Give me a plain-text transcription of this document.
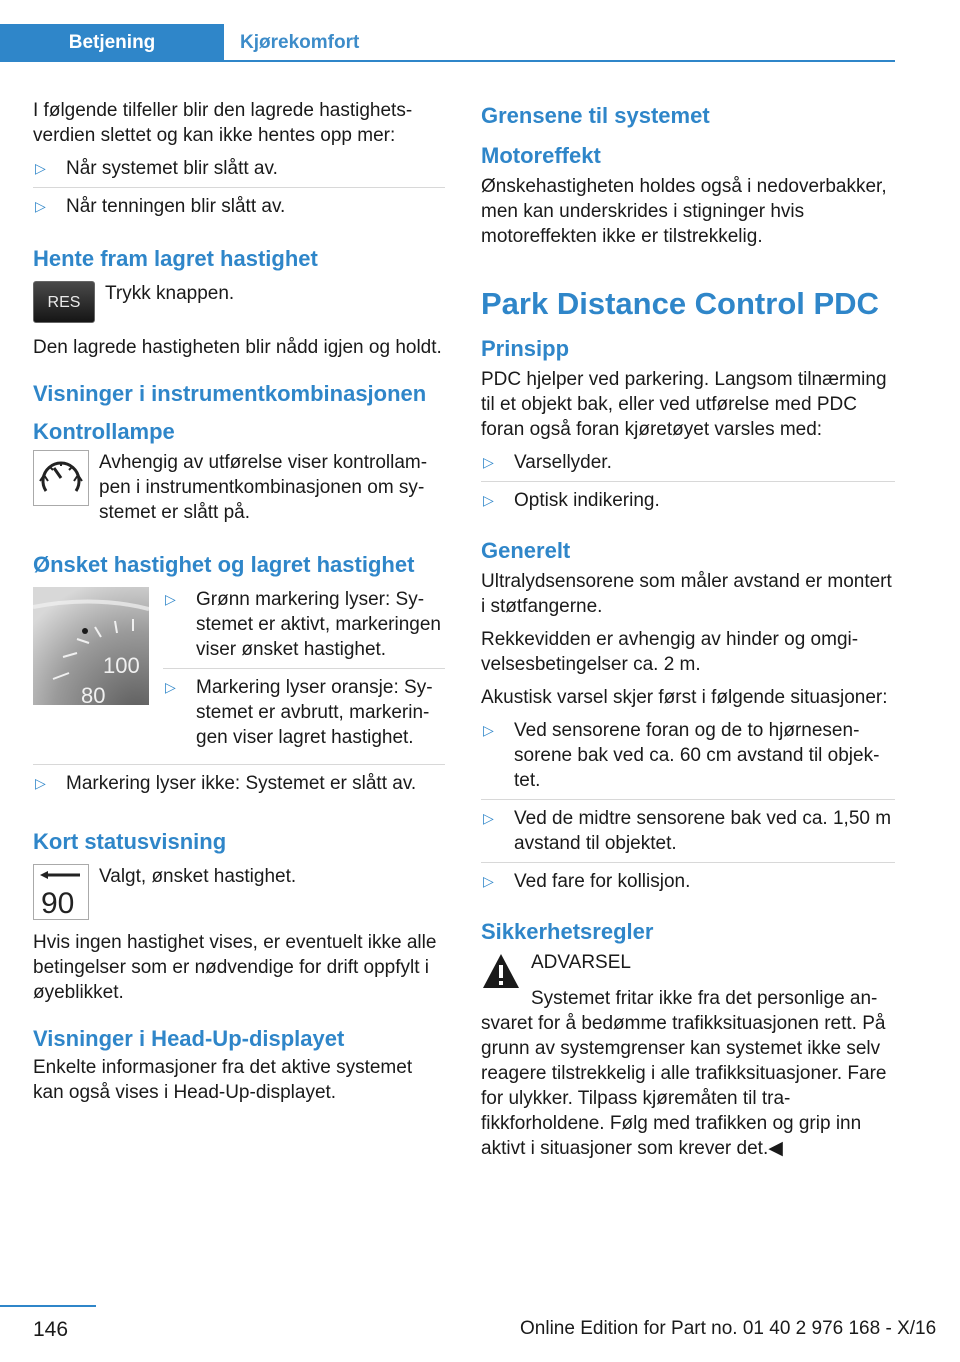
Betjening	Kjørekomfort

I følgende tilfeller blir den lagrede hastighetsverdien slettet og kan ikke hentes opp mer:

▷ Når systemet blir slått av.
▷ Når tenningen blir slått av.
Hente fram lagret hastighet
RES	Trykk knappen.

Den lagrede hastigheten blir nådd igjen og holdt.

Visninger i instrumentkombinasjonen
Kontrollampe
Avhengig av utførelse viser kontrollampen i instrumentkombinasjonen om systemet er slått på.
Ønsket hastighet og lagret hastighet
100
80
▷ Grønn markering lyser: Systemet er aktivt, markeringen viser ønsket hastighet.
▷ Markering lyser oransje: Systemet er avbrutt, markeringen viser lagret hastighet.
▷ Markering lyser ikke: Systemet er slått av.
Kort statusvisning
90
Valgt, ønsket hastighet.

Hvis ingen hastighet vises, er eventuelt ikke alle betingelser som er nødvendige for drift oppfylt i øyeblikket.

Visninger i Head-Up-displayet

Enkelte informasjoner fra det aktive systemet kan også vises i Head-Up-displayet.

Grensene til systemet
Motoreffekt

Ønskehastigheten holdes også i nedoverbakker, men kan underskrides i stigninger hvis motoreffekten ikke er tilstrekkelig.

Park Distance Control PDC
Prinsipp

PDC hjelper ved parkering. Langsom tilnærming til et objekt bak, eller ved utførelse med PDC foran også foran kjøretøyet varsles med:

▷ Varsellyder.
▷ Optisk indikering.
Generelt

Ultralydsensorene som måler avstand er montert i støtfangerne.

Rekkevidden er avhengig av hinder og omgivelsesbetingelser ca. 2 m.

Akustisk varsel skjer først i følgende situasjoner:

▷ Ved sensorene foran og de to hjørnesensorene bak ved ca. 60 cm avstand til objektet.
▷ Ved de midtre sensorene bak ved ca. 1,50 m avstand til objektet.
▷ Ved fare for kollisjon.
Sikkerhetsregler
ADVARSEL

Systemet fritar ikke fra det personlige ansvaret for å bedømme trafikksituasjonen rett. På grunn av systemgrenser kan systemet ikke selv reagere tilstrekkelig i alle trafikksituasjoner. Fare for ulykker. Tilpass kjøremåten til trafikkforholdene. Følg med trafikken og grip inn aktivt i situasjoner som krever det.◀

146	Online Edition for Part no. 01 40 2 976 168 - X/16
